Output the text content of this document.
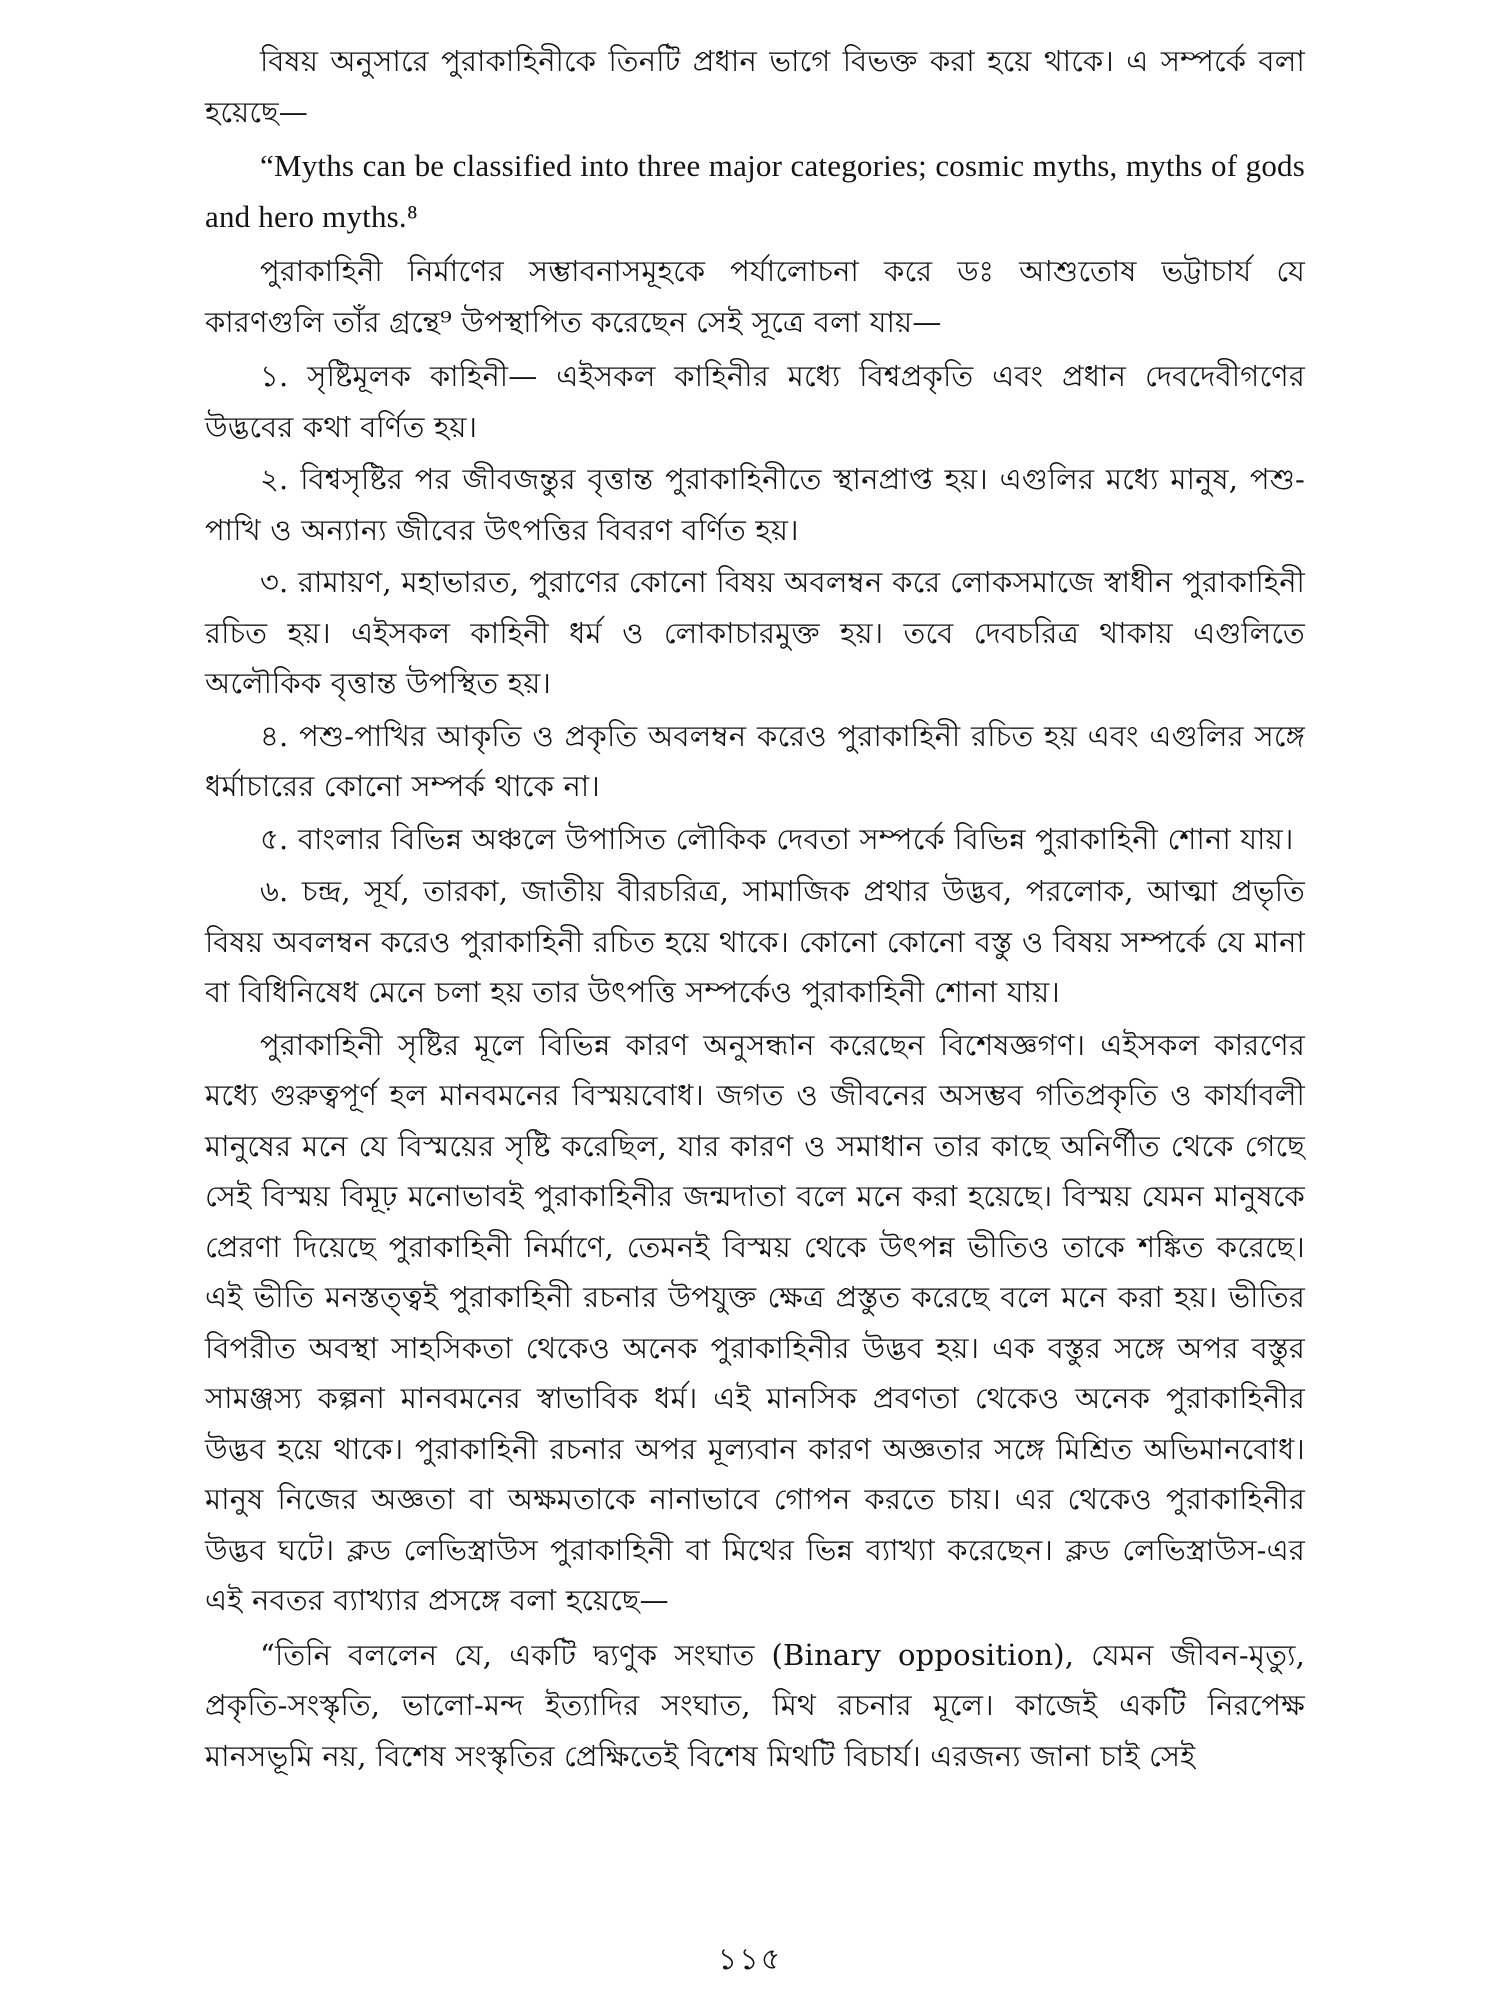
বিষয় অনুসারে পুরাকাহিনীকে তিনটি প্রধান ভাগে বিভক্ত করা হয়ে থাকে। এ সম্পর্কে বলা হয়েছে—

“Myths can be classified into three major categories; cosmic myths, myths of gods and hero myths.⁸

পুরাকাহিনী নির্মাণের সম্ভাবনাসমূহকে পর্যালোচনা করে ডঃ আশুতোষ ভট্টাচার্য যে কারণগুলি তাঁর গ্রন্থে⁹ উপস্থাপিত করেছেন সেই সূত্রে বলা যায়—

১. সৃষ্টিমূলক কাহিনী— এইসকল কাহিনীর মধ্যে বিশ্বপ্রকৃতি এবং প্রধান দেবদেবীগণের উদ্ভবের কথা বর্ণিত হয়।

২. বিশ্বসৃষ্টির পর জীবজন্তুর বৃত্তান্ত পুরাকাহিনীতে স্থানপ্রাপ্ত হয়। এগুলির মধ্যে মানুষ, পশু-পাখি ও অন্যান্য জীবের উৎপত্তির বিবরণ বর্ণিত হয়।

৩. রামায়ণ, মহাভারত, পুরাণের কোনো বিষয় অবলম্বন করে লোকসমাজে স্বাধীন পুরাকাহিনী রচিত হয়। এইসকল কাহিনী ধর্ম ও লোকাচারমুক্ত হয়। তবে দেবচরিত্র থাকায় এগুলিতে অলৌকিক বৃত্তান্ত উপস্থিত হয়।

৪. পশু-পাখির আকৃতি ও প্রকৃতি অবলম্বন করেও পুরাকাহিনী রচিত হয় এবং এগুলির সঙ্গে ধর্মাচারের কোনো সম্পর্ক থাকে না।

৫. বাংলার বিভিন্ন অঞ্চলে উপাসিত লৌকিক দেবতা সম্পর্কে বিভিন্ন পুরাকাহিনী শোনা যায়।

৬. চন্দ্র, সূর্য, তারকা, জাতীয় বীরচরিত্র, সামাজিক প্রথার উদ্ভব, পরলোক, আত্মা প্রভৃতি বিষয় অবলম্বন করেও পুরাকাহিনী রচিত হয়ে থাকে। কোনো কোনো বস্তু ও বিষয় সম্পর্কে যে মানা বা বিধিনিষেধ মেনে চলা হয় তার উৎপত্তি সম্পর্কেও পুরাকাহিনী শোনা যায়।

পুরাকাহিনী সৃষ্টির মূলে বিভিন্ন কারণ অনুসন্ধান করেছেন বিশেষজ্ঞগণ। এইসকল কারণের মধ্যে গুরুত্বপূর্ণ হল মানবমনের বিস্ময়বোধ। জগত ও জীবনের অসম্ভব গতিপ্রকৃতি ও কার্যাবলী মানুষের মনে যে বিস্ময়ের সৃষ্টি করেছিল, যার কারণ ও সমাধান তার কাছে অনির্ণীত থেকে গেছে সেই বিস্ময় বিমূঢ় মনোভাবই পুরাকাহিনীর জন্মদাতা বলে মনে করা হয়েছে। বিস্ময় যেমন মানুষকে প্রেরণা দিয়েছে পুরাকাহিনী নির্মাণে, তেমনই বিস্ময় থেকে উৎপন্ন ভীতিও তাকে শঙ্কিত করেছে। এই ভীতি মনস্তত্ত্বই পুরাকাহিনী রচনার উপযুক্ত ক্ষেত্র প্রস্তুত করেছে বলে মনে করা হয়। ভীতির বিপরীত অবস্থা সাহসিকতা থেকেও অনেক পুরাকাহিনীর উদ্ভব হয়। এক বস্তুর সঙ্গে অপর বস্তুর সামঞ্জস্য কল্পনা মানবমনের স্বাভাবিক ধর্ম। এই মানসিক প্রবণতা থেকেও অনেক পুরাকাহিনীর উদ্ভব হয়ে থাকে। পুরাকাহিনী রচনার অপর মূল্যবান কারণ অজ্ঞতার সঙ্গে মিশ্রিত অভিমানবোধ। মানুষ নিজের অজ্ঞতা বা অক্ষমতাকে নানাভাবে গোপন করতে চায়। এর থেকেও পুরাকাহিনীর উদ্ভব ঘটে। ক্লড লেভিস্ত্রাউস পুরাকাহিনী বা মিথের ভিন্ন ব্যাখ্যা করেছেন। ক্লড লেভিস্ত্রাউস-এর এই নবতর ব্যাখ্যার প্রসঙ্গে বলা হয়েছে—

“তিনি বললেন যে, একটি দ্ব্যণুক সংঘাত (Binary opposition), যেমন জীবন-মৃত্যু, প্রকৃতি-সংস্কৃতি, ভালো-মন্দ ইত্যাদির সংঘাত, মিথ রচনার মূলে। কাজেই একটি নিরপেক্ষ মানসভূমি নয়, বিশেষ সংস্কৃতির প্রেক্ষিতেই বিশেষ মিথটি বিচার্য। এরজন্য জানা চাই সেই

১১৫
